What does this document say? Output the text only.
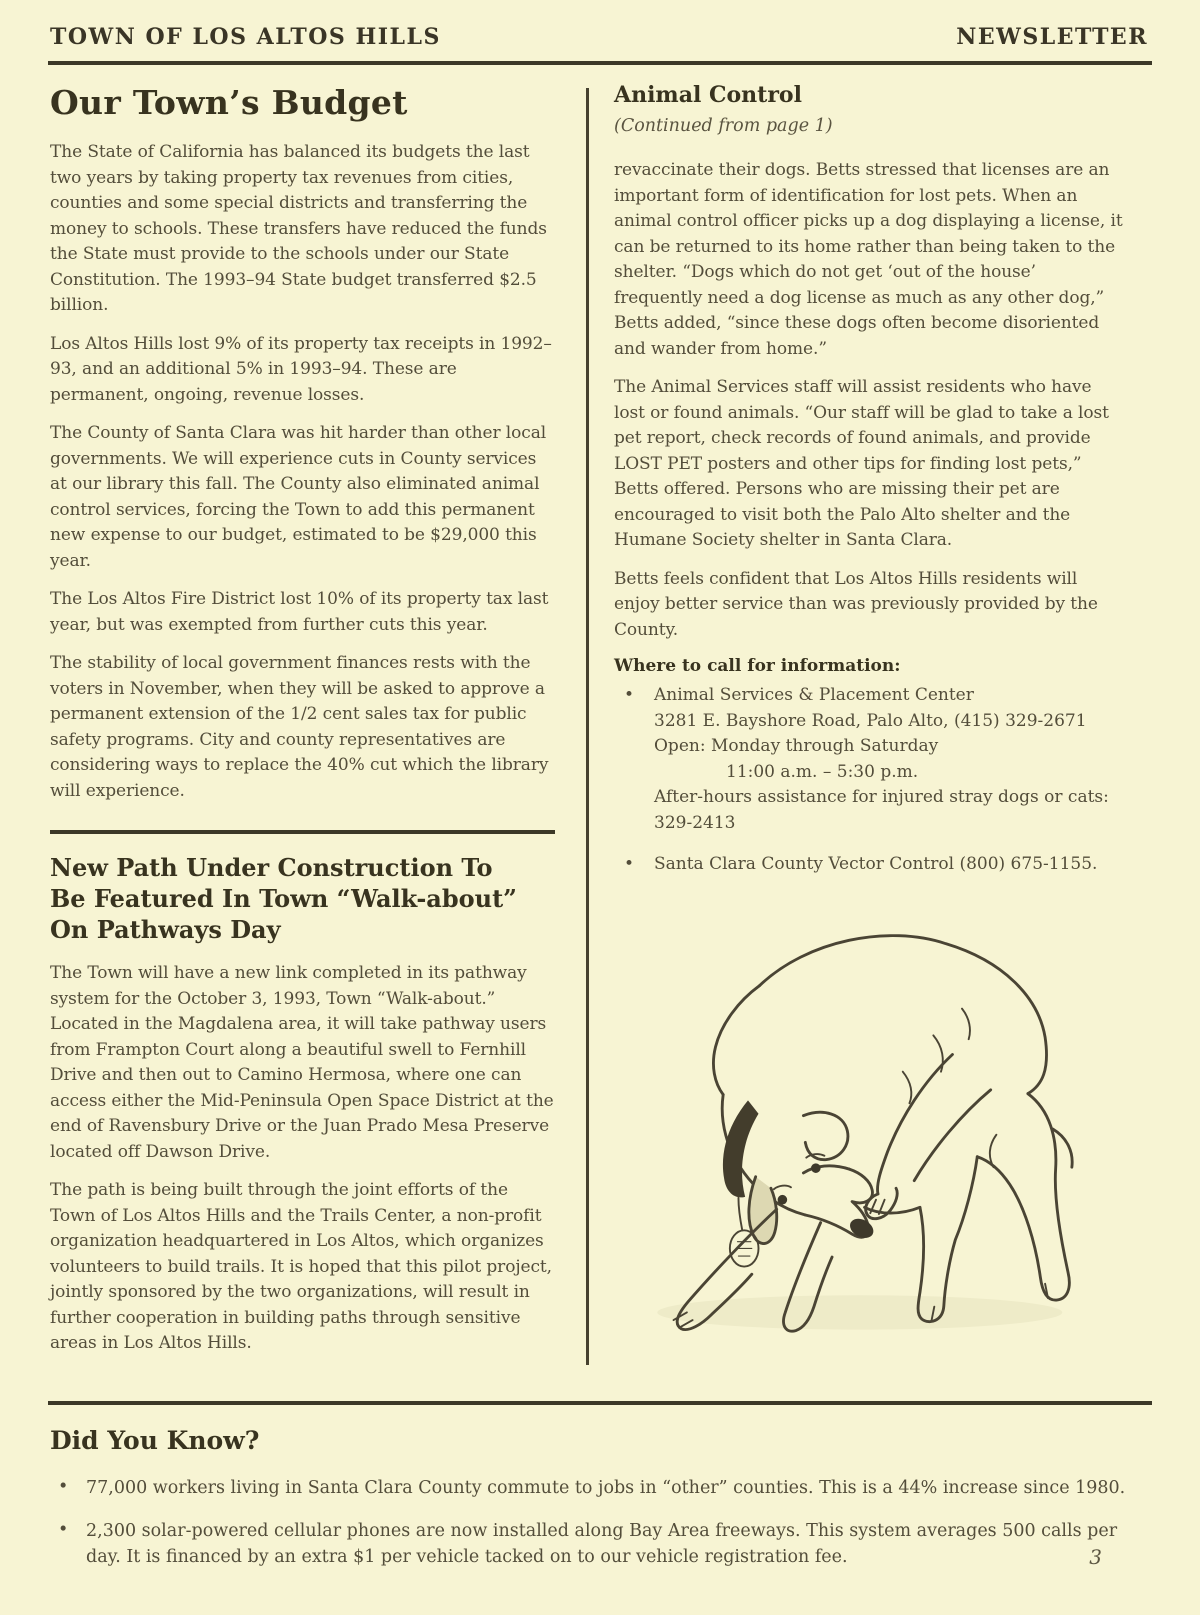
TOWN OF LOS ALTOS HILLS	NEWSLETTER
Our Town’s Budget

The State of California has balanced its budgets the last two years by taking property tax revenues from cities, counties and some special districts and transferring the money to schools. These transfers have reduced the funds the State must provide to the schools under our State Constitution. The 1993–94 State budget transferred $2.5 billion.

Los Altos Hills lost 9% of its property tax receipts in 1992–93, and an additional 5% in 1993–94. These are permanent, ongoing, revenue losses.

The County of Santa Clara was hit harder than other local governments. We will experience cuts in County services at our library this fall. The County also eliminated animal control services, forcing the Town to add this permanent new expense to our budget, estimated to be $29,000 this year.

The Los Altos Fire District lost 10% of its property tax last year, but was exempted from further cuts this year.

The stability of local government finances rests with the voters in November, when they will be asked to approve a permanent extension of the 1/2 cent sales tax for public safety programs. City and county representatives are considering ways to replace the 40% cut which the library will experience.

New Path Under Construction To
Be Featured In Town “Walk-about”
On Pathways Day

The Town will have a new link completed in its pathway system for the October 3, 1993, Town “Walk-about.” Located in the Magdalena area, it will take pathway users from Frampton Court along a beautiful swell to Fernhill Drive and then out to Camino Hermosa, where one can access either the Mid-Peninsula Open Space District at the end of Ravensbury Drive or the Juan Prado Mesa Preserve located off Dawson Drive.

The path is being built through the joint efforts of the Town of Los Altos Hills and the Trails Center, a non-profit organization headquartered in Los Altos, which organizes volunteers to build trails. It is hoped that this pilot project, jointly sponsored by the two organizations, will result in further cooperation in building paths through sensitive areas in Los Altos Hills.

Animal Control
(Continued from page 1)

revaccinate their dogs. Betts stressed that licenses are an important form of identification for lost pets. When an animal control officer picks up a dog displaying a license, it can be returned to its home rather than being taken to the shelter. “Dogs which do not get ‘out of the house’ frequently need a dog license as much as any other dog,” Betts added, “since these dogs often become disoriented and wander from home.”

The Animal Services staff will assist residents who have lost or found animals. “Our staff will be glad to take a lost pet report, check records of found animals, and provide LOST PET posters and other tips for finding lost pets,” Betts offered. Persons who are missing their pet are encouraged to visit both the Palo Alto shelter and the Humane Society shelter in Santa Clara.

Betts feels confident that Los Altos Hills residents will enjoy better service than was previously provided by the County.

Where to call for information:
• Animal Services & Placement Center
3281 E. Bayshore Road, Palo Alto, (415) 329-2671
Open: Monday through Saturday
11:00 a.m. – 5:30 p.m.
After-hours assistance for injured stray dogs or cats: 329-2413
• Santa Clara County Vector Control (800) 675-1155.
Did You Know?
• 77,000 workers living in Santa Clara County commute to jobs in “other” counties. This is a 44% increase since 1980.
• 2,300 solar-powered cellular phones are now installed along Bay Area freeways. This system averages 500 calls per day. It is financed by an extra $1 per vehicle tacked on to our vehicle registration fee.	3
